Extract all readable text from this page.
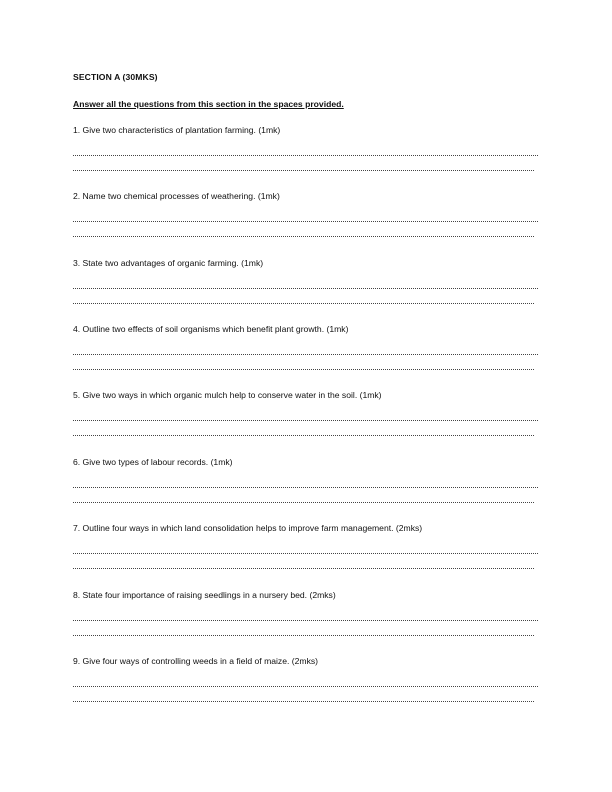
SECTION A (30MKS)
Answer all the questions from this section in the spaces provided.
1. Give two characteristics of plantation farming. (1mk)
2. Name two chemical processes of weathering. (1mk)
3. State two advantages of organic farming. (1mk)
4. Outline two effects of soil organisms which benefit plant growth. (1mk)
5. Give two ways in which organic mulch help to conserve water in the soil. (1mk)
6. Give two types of labour records. (1mk)
7. Outline four ways in which land consolidation helps to improve farm management. (2mks)
8. State four importance of raising seedlings in a nursery bed. (2mks)
9. Give four ways of controlling weeds in a field of maize. (2mks)
